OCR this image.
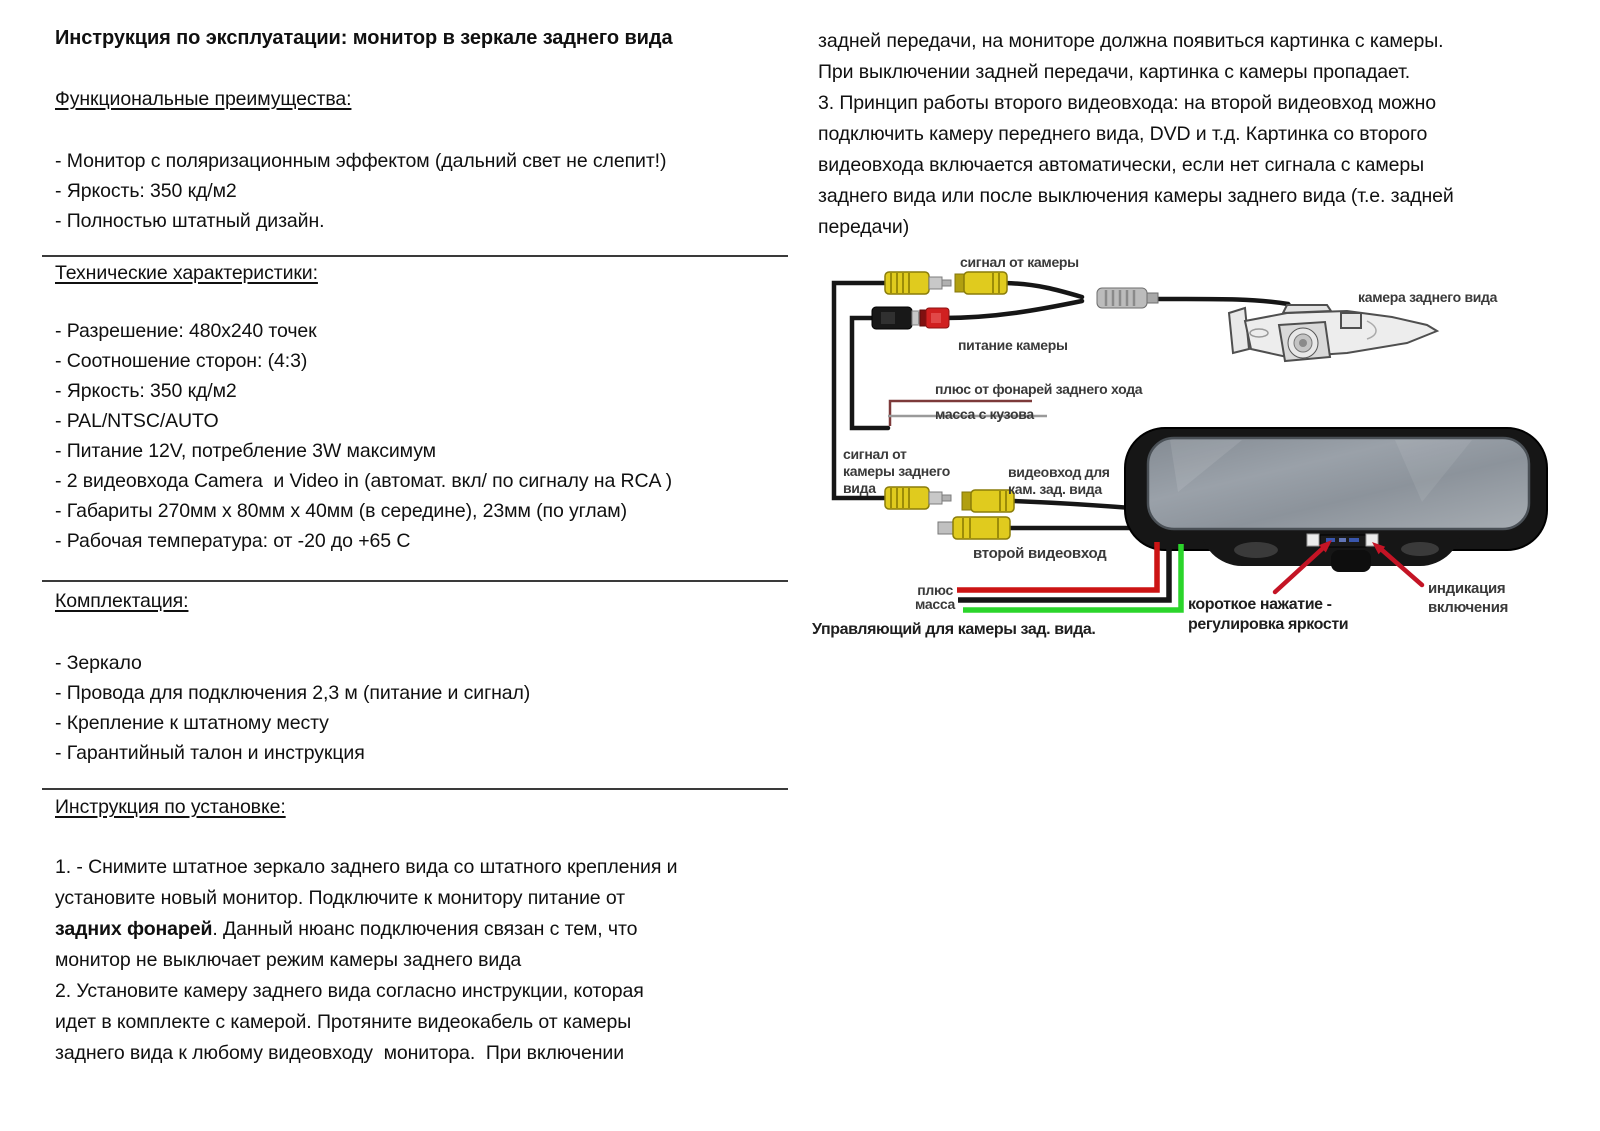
Инструкция по эксплуатации: монитор в зеркале заднего вида
Функциональные преимущества:
- Монитор с поляризационным эффектом (дальний свет не слепит!)
- Яркость: 350 кд/м2
- Полностью штатный дизайн.
Технические характеристики:
- Разрешение: 480х240 точек
- Соотношение сторон: (4:3)
- Яркость: 350 кд/м2
- PAL/NTSC/AUTO
- Питание 12V, потребление 3W максимум
- 2 видеовхода Camera  и Video in (автомат. вкл/ по сигналу на RCA )
- Габариты 270мм х 80мм х 40мм (в середине), 23мм (по углам)
- Рабочая температура: от -20 до +65 С
Комплектация:
- Зеркало
- Провода для подключения 2,3 м (питание и сигнал)
- Крепление к штатному месту
- Гарантийный талон и инструкция
Инструкция по установке:
1. - Снимите штатное зеркало заднего вида со штатного крепления и
установите новый монитор. Подключите к монитору питание от
задних фонарей. Данный нюанс подключения связан с тем, что
монитор не выключает режим камеры заднего вида
2. Установите камеру заднего вида согласно инструкции, которая
идет в комплекте с камерой. Протяните видеокабель от камеры
заднего вида к любому видеовходу  монитора.  При включении
задней передачи, на мониторе должна появиться картинка с камеры.
При выключении задней передачи, картинка с камеры пропадает.
3. Принцип работы второго видеовхода: на второй видеовход можно
подключить камеру переднего вида, DVD и т.д. Картинка со второго
видеовхода включается автоматически, если нет сигнала с камеры
заднего вида или после выключения камеры заднего вида (т.е. задней
передачи)
сигнал от камеры
питание камеры
плюс от фонарей заднего хода
масса с кузова
камера заднего вида
сигнал от
камеры заднего
вида
видеовход для
кам. зад. вида
второй видеовход
плюс
масса
Управляющий для камеры зад. вида.
короткое нажатие -
регулировка яркости
индикация
включения
